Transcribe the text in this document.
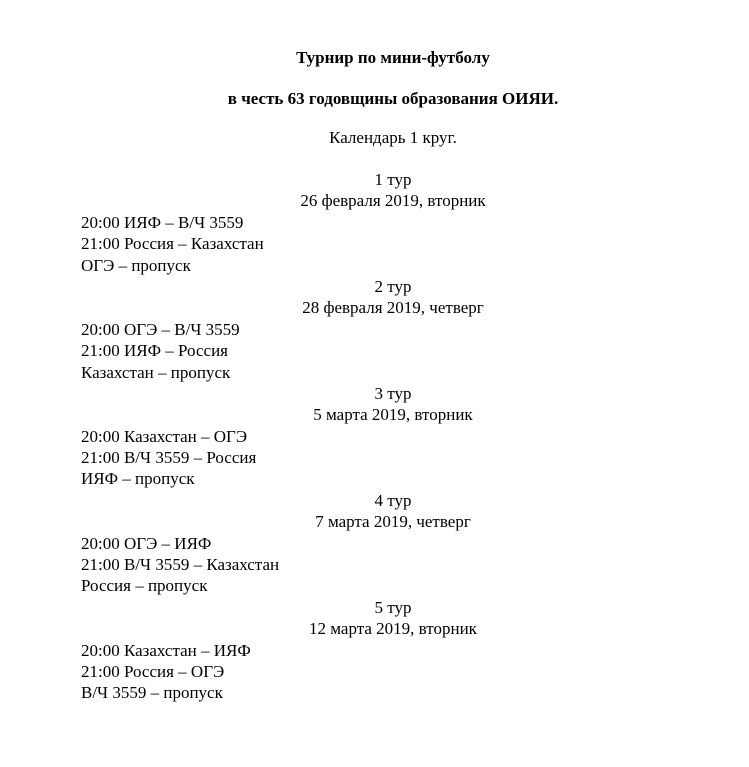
Турнир по мини-футболу
в честь 63 годовщины образования ОИЯИ.
Календарь 1 круг.
1 тур
26 февраля 2019, вторник
20:00 ИЯФ – В/Ч 3559
21:00 Россия – Казахстан
ОГЭ – пропуск
2 тур
28 февраля 2019, четверг
20:00 ОГЭ – В/Ч 3559
21:00 ИЯФ – Россия
Казахстан – пропуск
3 тур
5 марта 2019, вторник
20:00 Казахстан – ОГЭ
21:00 В/Ч 3559 – Россия
ИЯФ – пропуск
4 тур
7 марта 2019, четверг
20:00 ОГЭ – ИЯФ
21:00 В/Ч 3559 – Казахстан
Россия – пропуск
5 тур
12 марта 2019, вторник
20:00 Казахстан – ИЯФ
21:00 Россия – ОГЭ
В/Ч 3559 – пропуск
